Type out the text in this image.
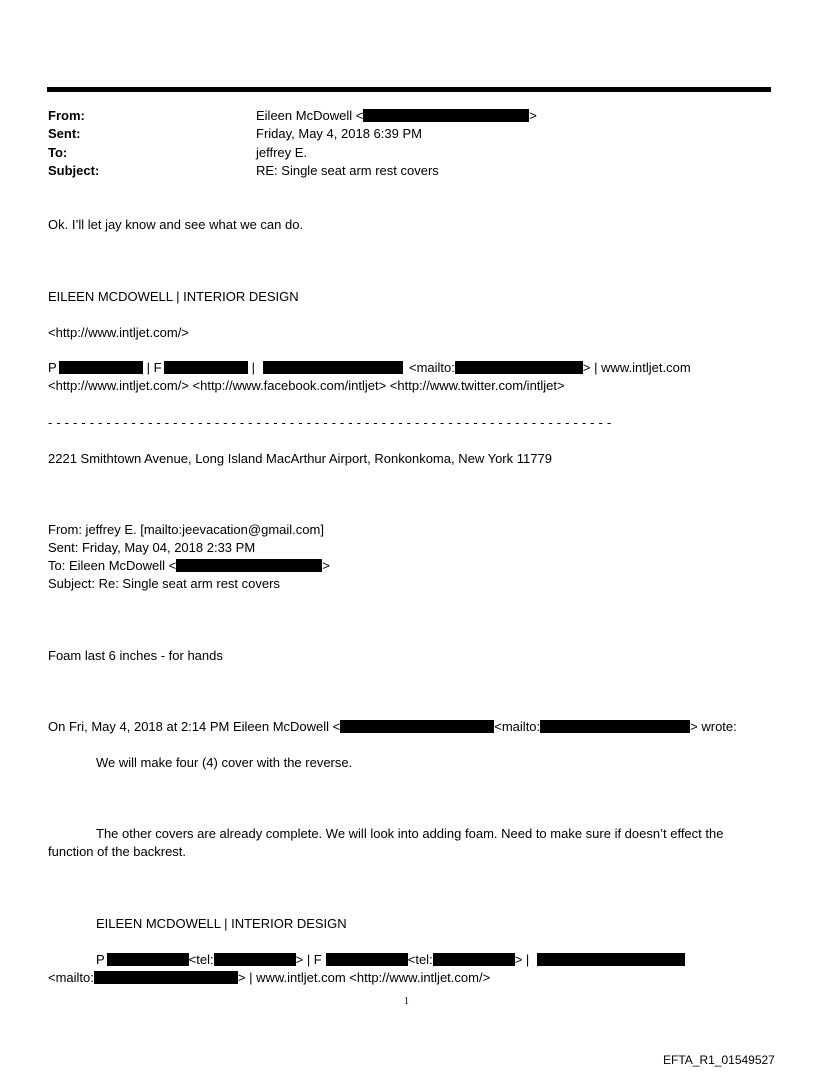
From:	Eileen McDowell <	>
Sent:	Friday, May 4, 2018 6:39 PM
To:	jeffrey E.
Subject:	RE: Single seat arm rest covers
Ok. I’ll let jay know and see what we can do.
EILEEN MCDOWELL | INTERIOR DESIGN
<http://www.intljet.com/>
P	| F	|	<mailto:	> | www.intljet.com
<http://www.intljet.com/> <http://www.facebook.com/intljet> <http://www.twitter.com/intljet>
- - - - - - - - - - - - - - - - - - - - - - - - - - - - - - - - - - - - - - - - - - - - - - - - - - - - - - - - - - - - - - - - - - - -
2221 Smithtown Avenue, Long Island MacArthur Airport, Ronkonkoma, New York 11779
From: jeffrey E. [mailto:jeevacation@gmail.com]
Sent: Friday, May 04, 2018 2:33 PM
To: Eileen McDowell <	>
Subject: Re: Single seat arm rest covers
Foam last 6 inches - for hands
On Fri, May 4, 2018 at 2:14 PM Eileen McDowell <	<mailto:	> wrote:
We will make four (4) cover with the reverse.
The other covers are already complete. We will look into adding foam. Need to make sure if doesn’t effect the
function of the backrest.
EILEEN MCDOWELL | INTERIOR DESIGN
P	<tel:	> | F	<tel:	> |
<mailto:	> | www.intljet.com <http://www.intljet.com/>
1
EFTA_R1_01549527
